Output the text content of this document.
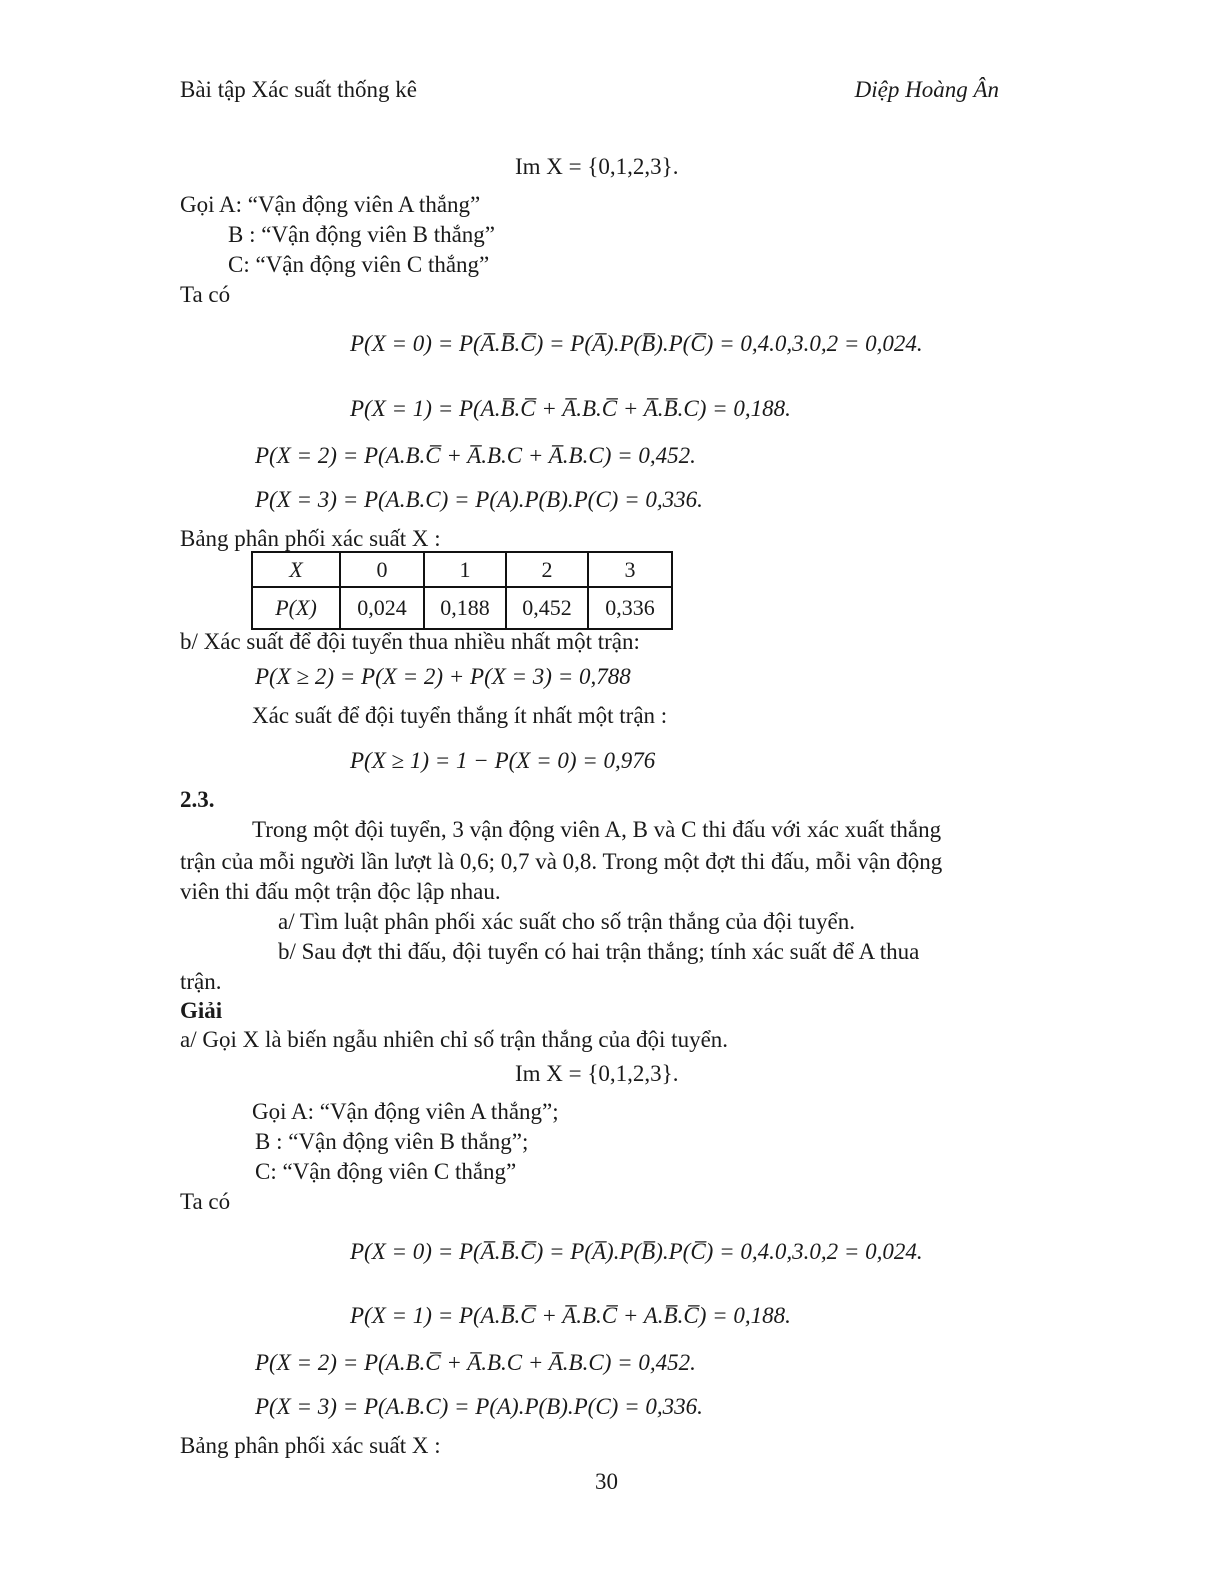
Bài tập Xác suất thống kê	Diệp Hoàng Ân
Im X = {0,1,2,3}.
Gọi A: “Vận động viên A thắng”
B : “Vận động viên B thắng”
C: “Vận động viên C thắng”
Ta có
P(X = 0) = P(A̅.B̅.C̅) = P(A̅).P(B̅).P(C̅) = 0,4.0,3.0,2 = 0,024.
P(X = 1) = P(A.B̅.C̅ + A̅.B.C̅ + A̅.B̅.C) = 0,188.
P(X = 2) = P(A.B.C̅ + A̅.B.C + A̅.B.C) = 0,452.
P(X = 3) = P(A.B.C) = P(A).P(B).P(C) = 0,336.
Bảng phân phối xác suất X :
X	0	1	2	3
P(X)	0,024	0,188	0,452	0,336
b/ Xác suất để đội tuyển thua nhiều nhất một trận:
P(X ≥ 2) = P(X = 2) + P(X = 3) = 0,788
Xác suất để đội tuyển thắng ít nhất một trận :
P(X ≥ 1) = 1 − P(X = 0) = 0,976
2.3.
Trong một đội tuyển, 3 vận động viên A, B và C thi đấu với xác xuất thắng
trận của mỗi người lần lượt là 0,6; 0,7 và 0,8. Trong một đợt thi đấu, mỗi vận động
viên thi đấu một trận độc lập nhau.
a/ Tìm luật phân phối xác suất cho số trận thắng của đội tuyển.
b/ Sau đợt thi đấu, đội tuyển có hai trận thắng; tính xác suất để A thua
trận.
Giải
a/ Gọi X là biến ngẫu nhiên chỉ số trận thắng của đội tuyển.
Im X = {0,1,2,3}.
Gọi A: “Vận động viên A thắng”;
B : “Vận động viên B thắng”;
C: “Vận động viên C thắng”
Ta có
P(X = 0) = P(A̅.B̅.C̅) = P(A̅).P(B̅).P(C̅) = 0,4.0,3.0,2 = 0,024.
P(X = 1) = P(A.B̅.C̅ + A̅.B.C̅ + A.B̅.C̅) = 0,188.
P(X = 2) = P(A.B.C̅ + A̅.B.C + A̅.B.C) = 0,452.
P(X = 3) = P(A.B.C) = P(A).P(B).P(C) = 0,336.
Bảng phân phối xác suất X :
30
